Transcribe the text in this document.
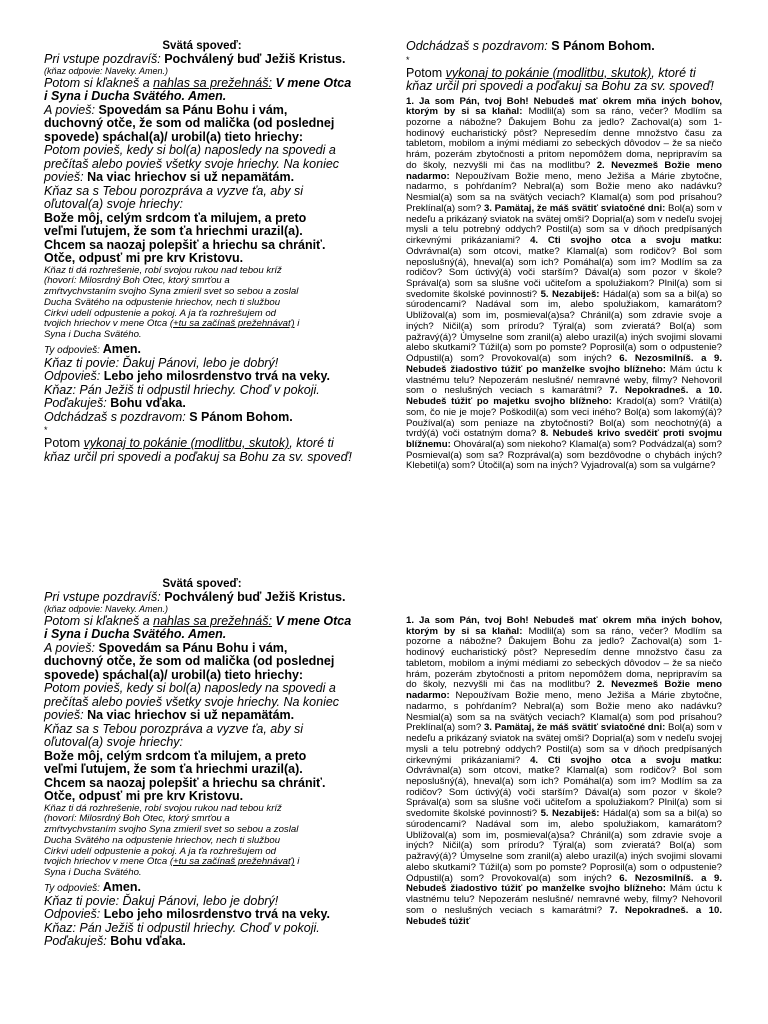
Svätá spoveď:

Pri vstupe pozdravíš: Pochválený buď Ježiš Kristus.

(kňaz odpovie: Naveky. Amen.)

Potom si kľakneš a nahlas sa prežehnáš: V mene Otca

i Syna i Ducha Svätého. Amen.

A povieš: Spovedám sa Pánu Bohu i vám,

duchovný otče, že som od malička (od poslednej

spovede) spáchal(a)/ urobil(a) tieto hriechy:

Potom povieš, kedy si bol(a) naposledy na spovedi a

prečítaš alebo povieš všetky svoje hriechy. Na koniec

povieš: Na viac hriechov si už nepamätám.

Kňaz sa s Tebou porozpráva a vyzve ťa, aby si

oľutoval(a) svoje hriechy:

Bože môj, celým srdcom ťa milujem, a preto

veľmi ľutujem, že som ťa hriechmi urazil(a).

Chcem sa naozaj polepšiť a hriechu sa chrániť.

Otče, odpusť mi pre krv Kristovu.

Kňaz ti dá rozhrešenie, robí svojou rukou nad tebou kríž

(hovorí: Milosrdný Boh Otec, ktorý smrťou a

zmŕtvychvstaním svojho Syna zmieril svet so sebou a zoslal

Ducha Svätého na odpustenie hriechov, nech ti službou

Cirkvi udelí odpustenie a pokoj. A ja ťa rozhrešujem od

tvojich hriechov v mene Otca (+tu sa začínaš prežehnávať) i

Syna i Ducha Svätého.

Ty odpovieš: Amen.

Kňaz ti povie: Ďakuj Pánovi, lebo je dobrý!

Odpovieš: Lebo jeho milosrdenstvo trvá na veky.

Kňaz: Pán Ježiš ti odpustil hriechy. Choď v pokoji.

Poďakuješ: Bohu vďaka.

Odchádzaš s pozdravom: S Pánom Bohom.

*

Potom vykonaj to pokánie (modlitbu, skutok), ktoré ti

kňaz určil pri spovedi a poďakuj sa Bohu za sv. spoveď!

Odchádzaš s pozdravom: S Pánom Bohom.

*

Potom vykonaj to pokánie (modlitbu, skutok), ktoré ti

kňaz určil pri spovedi a poďakuj sa Bohu za sv. spoveď!

1. Ja som Pán, tvoj Boh! Nebudeš mať okrem mňa iných bohov, ktorým by si sa klaňal: Modlil(a) som sa ráno, večer? Modlím sa pozorne a nábožne? Ďakujem Bohu za jedlo? Zachoval(a) som 1-hodinový eucharistický pôst? Nepresedím denne množstvo času za tabletom, mobilom a inými médiami zo sebeckých dôvodov – že sa niečo hrám, pozerám zbytočnosti a pritom nepomôžem doma, nepripravím sa do školy, nezvyšli mi čas na modlitbu? 2. Nevezmeš Božie meno nadarmo: Nepoužívam Božie meno, meno Ježiša a Márie zbytočne, nadarmo, s pohŕdaním? Nebral(a) som Božie meno ako nadávku? Nesmial(a) som sa na svätých veciach? Klamal(a) som pod prísahou? Preklínal(a) som? 3. Pamätaj, že máš svätiť sviatočné dni: Bol(a) som v nedeľu a prikázaný sviatok na svätej omši? Doprial(a) som v nedeľu svojej mysli a telu potrebný oddych? Postil(a) som sa v dňoch predpísaných cirkevnými prikázaniami? 4. Cti svojho otca a svoju matku: Odvrávnal(a) som otcovi, matke? Klamal(a) som rodičov? Bol som neposlušný(á), hneval(a) som ich? Pomáhal(a) som im? Modlím sa za rodičov? Som úctivý(á) voči starším? Dával(a) som pozor v škole? Správal(a) som sa slušne voči učiteľom a spolužiakom? Plnil(a) som si svedomite školské povinnosti? 5. Nezabiješ: Hádal(a) som sa a bil(a) so súrodencami? Nadával som im, alebo spolužiakom, kamarátom? Ubližoval(a) som im, posmieval(a)sa? Chránil(a) som zdravie svoje a iných? Ničil(a) som prírodu? Týral(a) som zvieratá? Bol(a) som pažravý(á)? Úmyselne som zranil(a) alebo urazil(a) iných svojimi slovami alebo skutkami? Túžil(a) som po pomste? Poprosil(a) som o odpustenie? Odpustil(a) som? Provokoval(a) som iných? 6. Nezosmilníš. a 9. Nebudeš žiadostivo túžiť po manželke svojho blížneho: Mám úctu k vlastnému telu? Nepozerám neslušné/ nemravné weby, filmy? Nehovoril som o neslušných veciach s kamarátmi? 7. Nepokradneš. a 10. Nebudeš túžiť po majetku svojho blížneho: Kradol(a) som? Vrátil(a) som, čo nie je moje? Poškodil(a) som veci iného? Bol(a) som lakomý(á)? Používal(a) som peniaze na zbytočnosti? Bol(a) som neochotný(á) a tvrdý(á) voči ostatným doma? 8. Nebudeš krivo svedčiť proti svojmu blížnemu: Ohováral(a) som niekoho? Klamal(a) som? Podvádzal(a) som? Posmieval(a) som sa? Rozprával(a) som bezdôvodne o chybách iných? Klebetil(a) som? Útočil(a) som na iných? Vyjadroval(a) som sa vulgárne?

Svätá spoveď:

Pri vstupe pozdravíš: Pochválený buď Ježiš Kristus.

(kňaz odpovie: Naveky. Amen.)

Potom si kľakneš a nahlas sa prežehnáš: V mene Otca

i Syna i Ducha Svätého. Amen.

A povieš: Spovedám sa Pánu Bohu i vám,

duchovný otče, že som od malička (od poslednej

spovede) spáchal(a)/ urobil(a) tieto hriechy:

Potom povieš, kedy si bol(a) naposledy na spovedi a

prečítaš alebo povieš všetky svoje hriechy. Na koniec

povieš: Na viac hriechov si už nepamätám.

Kňaz sa s Tebou porozpráva a vyzve ťa, aby si

oľutoval(a) svoje hriechy:

Bože môj, celým srdcom ťa milujem, a preto

veľmi ľutujem, že som ťa hriechmi urazil(a).

Chcem sa naozaj polepšiť a hriechu sa chrániť.

Otče, odpusť mi pre krv Kristovu.

Kňaz ti dá rozhrešenie, robí svojou rukou nad tebou kríž

(hovorí: Milosrdný Boh Otec, ktorý smrťou a

zmŕtvychvstaním svojho Syna zmieril svet so sebou a zoslal

Ducha Svätého na odpustenie hriechov, nech ti službou

Cirkvi udelí odpustenie a pokoj. A ja ťa rozhrešujem od

tvojich hriechov v mene Otca (+tu sa začínaš prežehnávať) i

Syna i Ducha Svätého.

Ty odpovieš: Amen.

Kňaz ti povie: Ďakuj Pánovi, lebo je dobrý!

Odpovieš: Lebo jeho milosrdenstvo trvá na veky.

Kňaz: Pán Ježiš ti odpustil hriechy. Choď v pokoji.

Poďakuješ: Bohu vďaka.

1. Ja som Pán, tvoj Boh! Nebudeš mať okrem mňa iných bohov, ktorým by si sa klaňal: Modlil(a) som sa ráno, večer? Modlím sa pozorne a nábožne? Ďakujem Bohu za jedlo? Zachoval(a) som 1-hodinový eucharistický pôst? Nepresedím denne množstvo času za tabletom, mobilom a inými médiami zo sebeckých dôvodov – že sa niečo hrám, pozerám zbytočnosti a pritom nepomôžem doma, nepripravím sa do školy, nezvyšli mi čas na modlitbu? 2. Nevezmeš Božie meno nadarmo: Nepoužívam Božie meno, meno Ježiša a Márie zbytočne, nadarmo, s pohŕdaním? Nebral(a) som Božie meno ako nadávku? Nesmial(a) som sa na svätých veciach? Klamal(a) som pod prísahou? Preklínal(a) som? 3. Pamätaj, že máš svätiť sviatočné dni: Bol(a) som v nedeľu a prikázaný sviatok na svätej omši? Doprial(a) som v nedeľu svojej mysli a telu potrebný oddych? Postil(a) som sa v dňoch predpísaných cirkevnými prikázaniami? 4. Cti svojho otca a svoju matku: Odvrávnal(a) som otcovi, matke? Klamal(a) som rodičov? Bol som neposlušný(á), hneval(a) som ich? Pomáhal(a) som im? Modlím sa za rodičov? Som úctivý(á) voči starším? Dával(a) som pozor v škole? Správal(a) som sa slušne voči učiteľom a spolužiakom? Plnil(a) som si svedomite školské povinnosti? 5. Nezabiješ: Hádal(a) som sa a bil(a) so súrodencami? Nadával som im, alebo spolužiakom, kamarátom? Ubližoval(a) som im, posmieval(a)sa? Chránil(a) som zdravie svoje a iných? Ničil(a) som prírodu? Týral(a) som zvieratá? Bol(a) som pažravý(á)? Úmyselne som zranil(a) alebo urazil(a) iných svojimi slovami alebo skutkami? Túžil(a) som po pomste? Poprosil(a) som o odpustenie? Odpustil(a) som? Provokoval(a) som iných? 6. Nezosmilníš. a 9. Nebudeš žiadostivo túžiť po manželke svojho blížneho: Mám úctu k vlastnému telu? Nepozerám neslušné/ nemravné weby, filmy? Nehovoril som o neslušných veciach s kamarátmi? 7. Nepokradneš. a 10. Nebudeš túžiť
